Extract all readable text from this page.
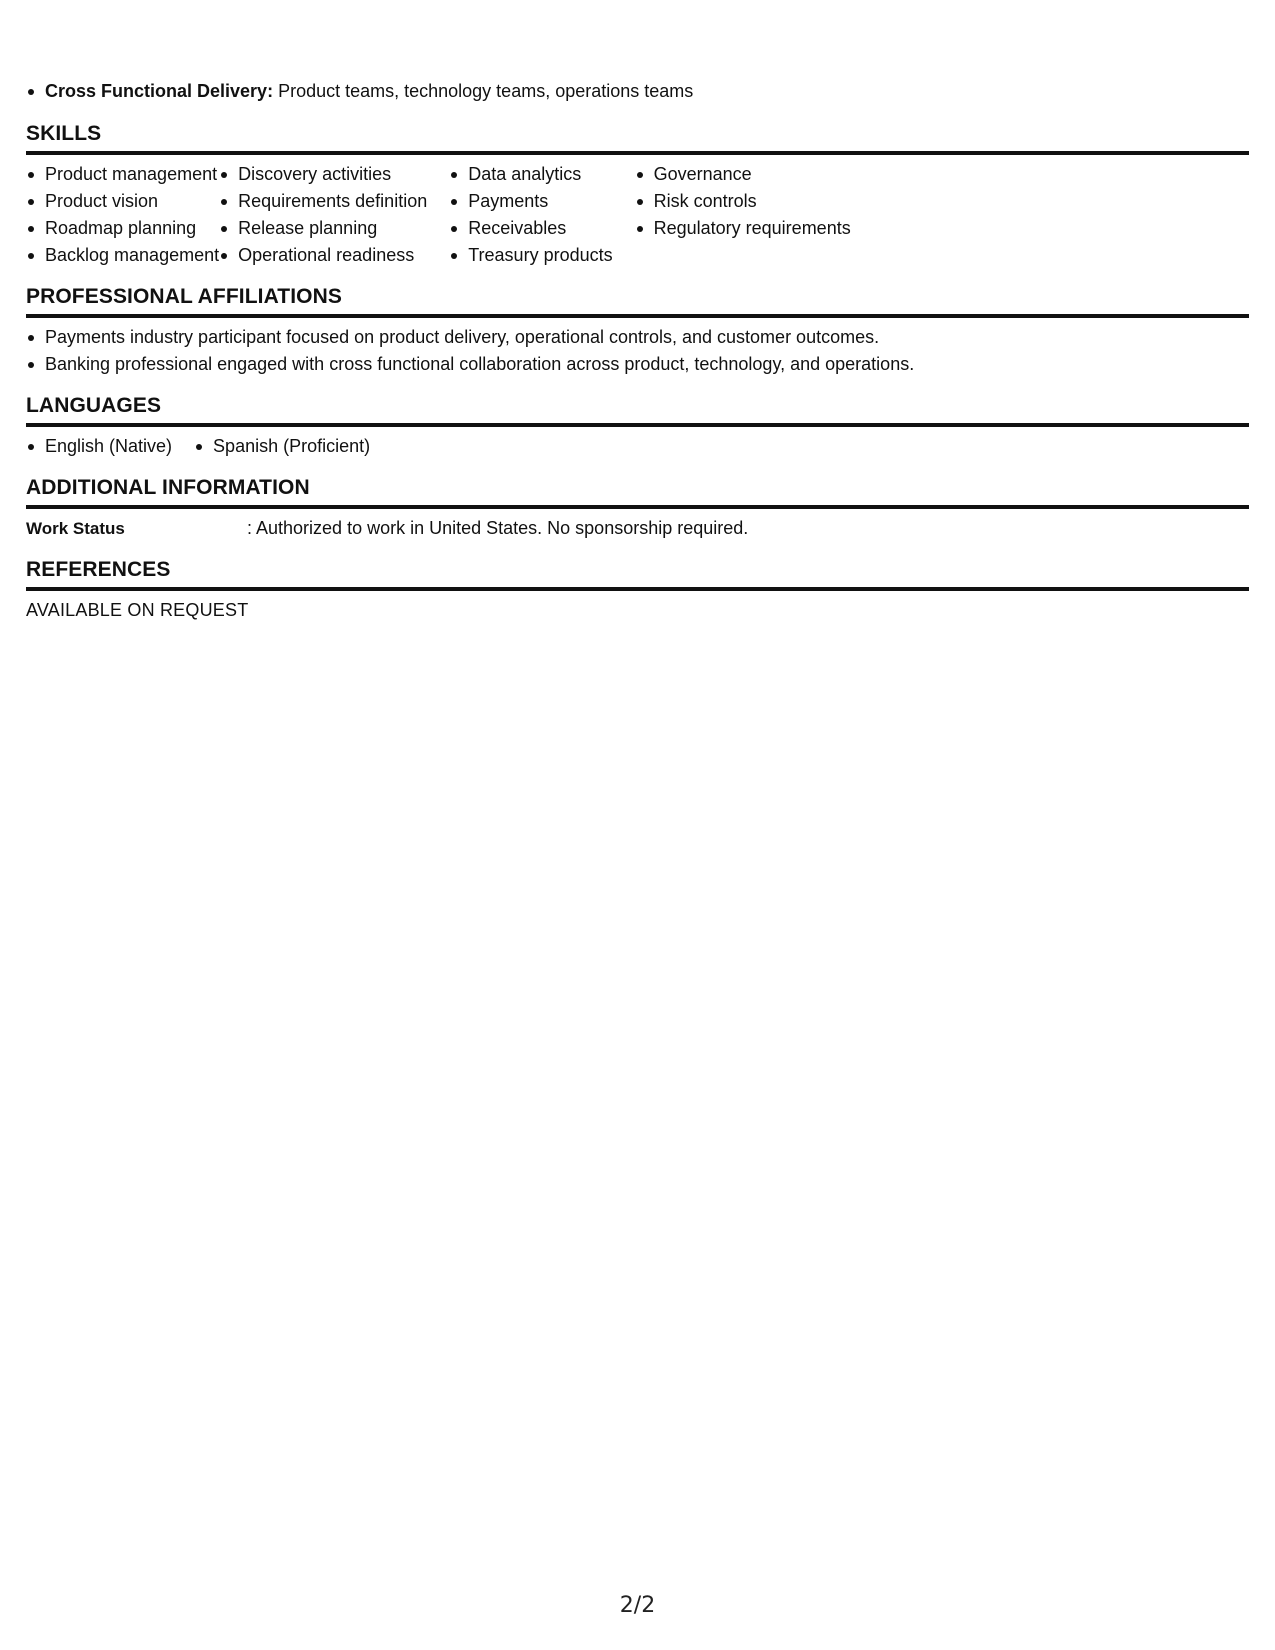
Cross Functional Delivery: Product teams, technology teams, operations teams
SKILLS
Product management
Product vision
Roadmap planning
Backlog management
Discovery activities
Requirements definition
Release planning
Operational readiness
Data analytics
Payments
Receivables
Treasury products
Governance
Risk controls
Regulatory requirements
PROFESSIONAL AFFILIATIONS
Payments industry participant focused on product delivery, operational controls, and customer outcomes.
Banking professional engaged with cross functional collaboration across product, technology, and operations.
LANGUAGES
English (Native)	Spanish (Proficient)
ADDITIONAL INFORMATION
Work Status	: Authorized to work in United States. No sponsorship required.
REFERENCES
AVAILABLE ON REQUEST
2/2
